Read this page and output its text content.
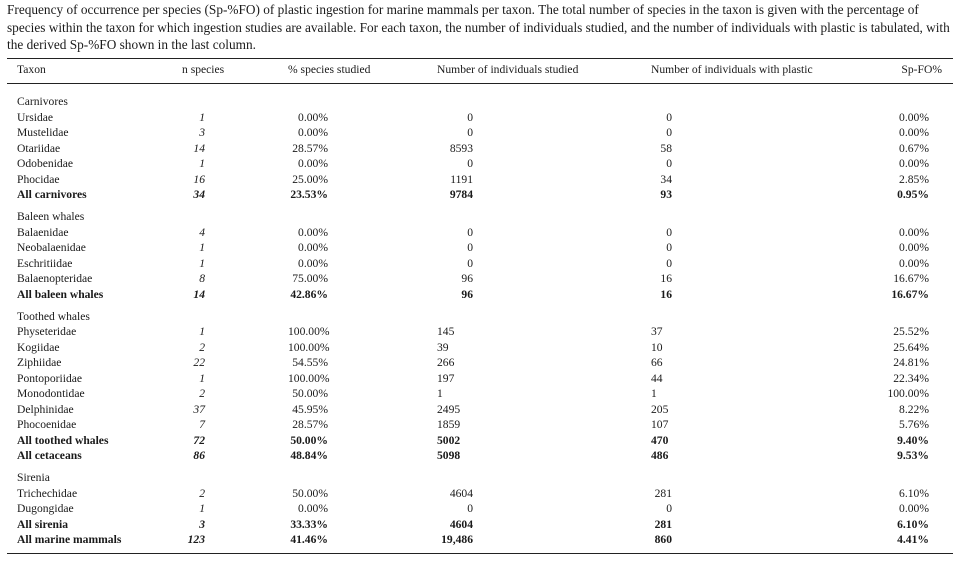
Frequency of occurrence per species (Sp-%FO) of plastic ingestion for marine mammals per taxon. The total number of species in the taxon is given with the percentage of species within the taxon for which ingestion studies are available. For each taxon, the number of individuals studied, and the number of individuals with plastic is tabulated, with the derived Sp-%FO shown in the last column.
Taxon	n species	% species studied	Number of individuals studied	Number of individuals with plastic	Sp-FO%
Carnivores
Ursidae	1	0.00%	0	0	0.00%
Mustelidae	3	0.00%	0	0	0.00%
Otariidae	14	28.57%	8593	58	0.67%
Odobenidae	1	0.00%	0	0	0.00%
Phocidae	16	25.00%	1191	34	2.85%
All carnivores	34	23.53%	9784	93	0.95%
Baleen whales
Balaenidae	4	0.00%	0	0	0.00%
Neobalaenidae	1	0.00%	0	0	0.00%
Eschritiidae	1	0.00%	0	0	0.00%
Balaenopteridae	8	75.00%	96	16	16.67%
All baleen whales	14	42.86%	96	16	16.67%
Toothed whales
Physeteridae	1	100.00%	145	37	25.52%
Kogiidae	2	100.00%	39	10	25.64%
Ziphiidae	22	54.55%	266	66	24.81%
Pontoporiidae	1	100.00%	197	44	22.34%
Monodontidae	2	50.00%	1	1	100.00%
Delphinidae	37	45.95%	2495	205	8.22%
Phocoenidae	7	28.57%	1859	107	5.76%
All toothed whales	72	50.00%	5002	470	9.40%
All cetaceans	86	48.84%	5098	486	9.53%
Sirenia
Trichechidae	2	50.00%	4604	281	6.10%
Dugongidae	1	0.00%	0	0	0.00%
All sirenia	3	33.33%	4604	281	6.10%
All marine mammals	123	41.46%	19,486	860	4.41%
